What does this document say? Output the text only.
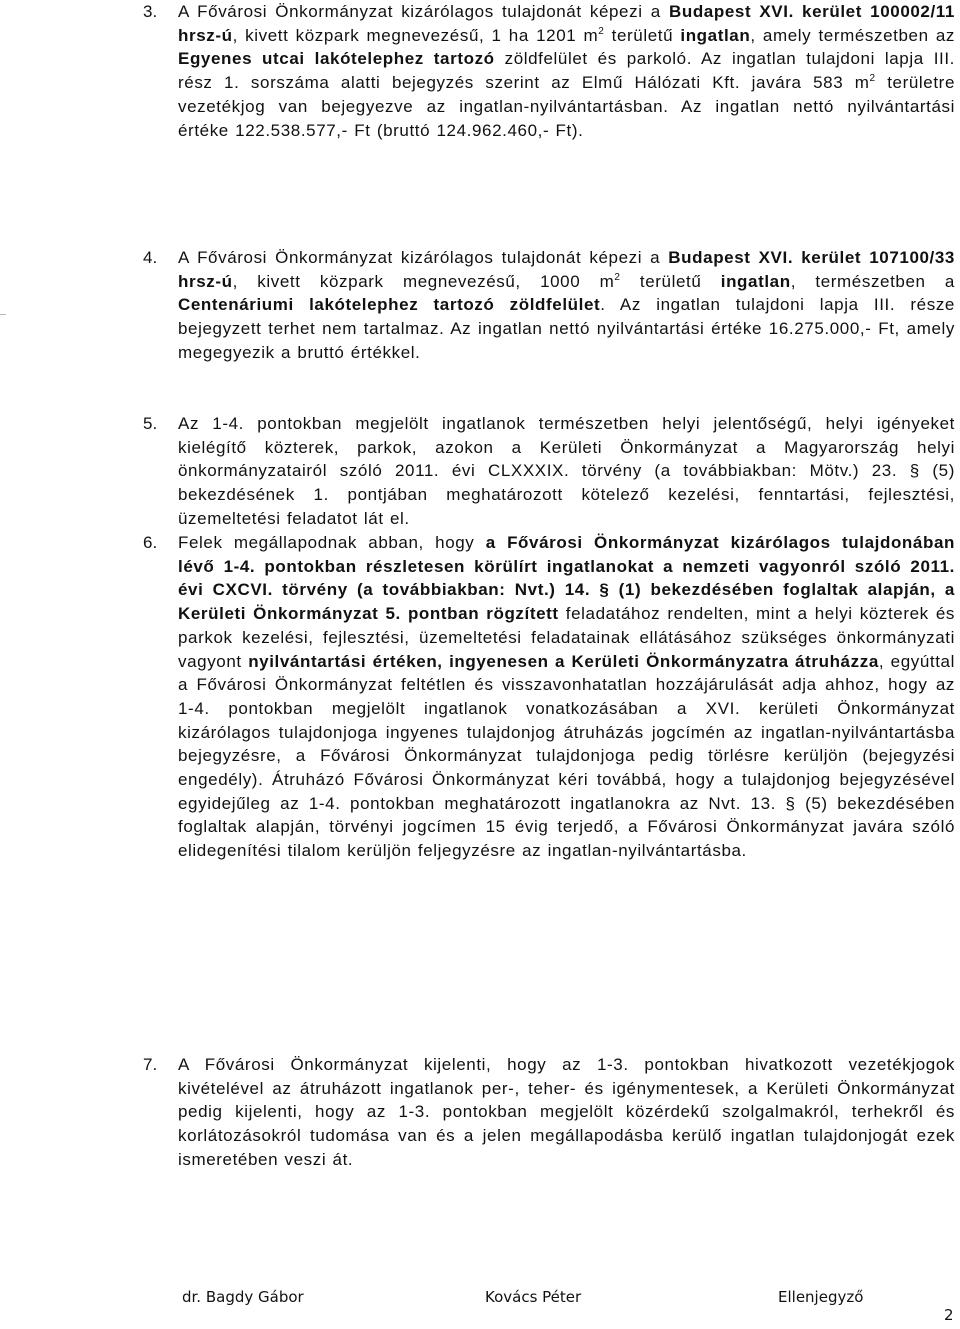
3. A Fővárosi Önkormányzat kizárólagos tulajdonát képezi a Budapest XVI. kerület 100002/11 hrsz-ú, kivett közpark megnevezésű, 1 ha 1201 $m^2$ területű ingatlan, amely természetben az Egyenes utcai lakótelephez tartozó zöldfelület és parkoló. Az ingatlan tulajdoni lapja III. rész 1. sorszáma alatti bejegyzés szerint az Elmű Hálózati Kft. javára 583 $m^2$ területre vezetékjog van bejegyezve az ingatlan-nyilvántartásban. Az ingatlan nettó nyilvántartási értéke 122.538.577,- Ft (bruttó 124.962.460,- Ft).
4. A Fővárosi Önkormányzat kizárólagos tulajdonát képezi a Budapest XVI. kerület 107100/33 hrsz-ú, kivett közpark megnevezésű, 1000 $m^2$ területű ingatlan, természetben a Centenáriumi lakótelephez tartozó zöldfelület. Az ingatlan tulajdoni lapja III. része bejegyzett terhet nem tartalmaz. Az ingatlan nettó nyilvántartási értéke 16.275.000,- Ft, amely megegyezik a bruttó értékkel.
5. Az 1-4. pontokban megjelölt ingatlanok természetben helyi jelentőségű, helyi igényeket kielégítő közterek, parkok, azokon a Kerületi Önkormányzat a Magyarország helyi önkormányzatairól szóló 2011. évi CLXXXIX. törvény (a továbbiakban: Mötv.) 23. § (5) bekezdésének 1. pontjában meghatározott kötelező kezelési, fenntartási, fejlesztési, üzemeltetési feladatot lát el.
6. Felek megállapodnak abban, hogy a Fővárosi Önkormányzat kizárólagos tulajdonában lévő 1-4. pontokban részletesen körülírt ingatlanokat a nemzeti vagyonról szóló 2011. évi CXCVI. törvény (a továbbiakban: Nvt.) 14. § (1) bekezdésében foglaltak alapján, a Kerületi Önkormányzat 5. pontban rögzített feladatához rendelten, mint a helyi közterek és parkok kezelési, fejlesztési, üzemeltetési feladatainak ellátásához szükséges önkormányzati vagyont nyilvántartási értéken, ingyenesen a Kerületi Önkormányzatra átruházza, egyúttal a Fővárosi Önkormányzat feltétlen és visszavonhatatlan hozzájárulását adja ahhoz, hogy az 1-4. pontokban megjelölt ingatlanok vonatkozásában a XVI. kerületi Önkormányzat kizárólagos tulajdonjoga ingyenes tulajdonjog átruházás jogcímén az ingatlan-nyilvántartásba bejegyzésre, a Fővárosi Önkormányzat tulajdonjoga pedig törlésre kerüljön (bejegyzési engedély). Átruházó Fővárosi Önkormányzat kéri továbbá, hogy a tulajdonjog bejegyzésével egyidejűleg az 1-4. pontokban meghatározott ingatlanokra az Nvt. 13. § (5) bekezdésében foglaltak alapján, törvényi jogcímen 15 évig terjedő, a Fővárosi Önkormányzat javára szóló elidegenítési tilalom kerüljön feljegyzésre az ingatlan-nyilvántartásba.
7. A Fővárosi Önkormányzat kijelenti, hogy az 1-3. pontokban hivatkozott vezetékjogok kivételével az átruházott ingatlanok per-, teher- és igénymentesek, a Kerületi Önkormányzat pedig kijelenti, hogy az 1-3. pontokban megjelölt közérdekű szolgalmakról, terhekről és korlátozásokról tudomása van és a jelen megállapodásba kerülő ingatlan tulajdonjogát ezek ismeretében veszi át.
dr. Bagdy Gábor	Kovács Péter	Ellenjegyző
2
